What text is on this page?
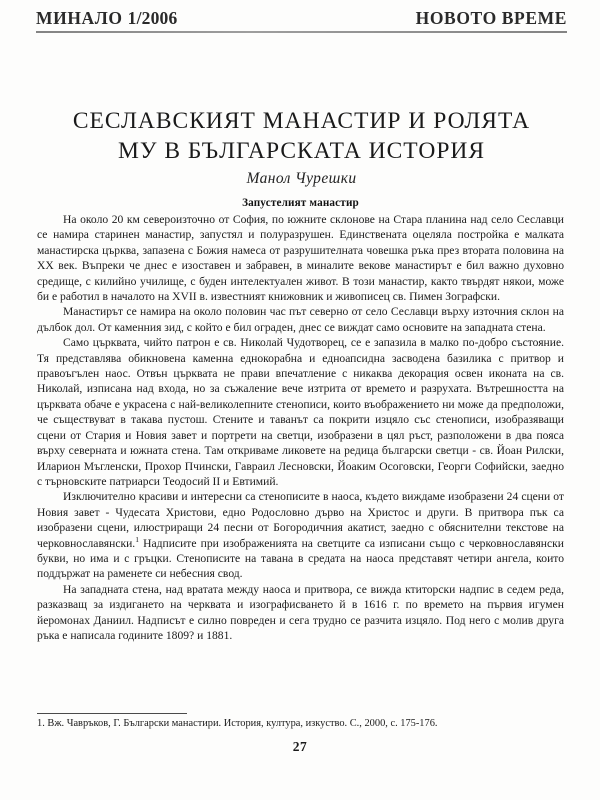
МИНАЛО 1/2006	НОВОТО ВРЕМЕ
СЕСЛАВСКИЯТ МАНАСТИР И РОЛЯТА
МУ В БЪЛГАРСКАТА ИСТОРИЯ
Манол Чурешки
Запустелият манастир

На около 20 км североизточно от София, по южните склонове на Стара планина над село Сеславци се намира старинен манастир, запустял и полуразрушен. Единствената оцеляла постройка е малката манастирска църква, запазена с Божия намеса от разрушителната човешка ръка през втората половина на XX век. Въпреки че днес е изоставен и забравен, в миналите векове манастирът е бил важно духовно средище, с килийно училище, с буден интелектуален живот. В този манастир, както твърдят някои, може би е работил в началото на XVII в. известният книжовник и живописец св. Пимен Зографски.

Манастирът се намира на около половин час път северно от село Сеславци върху източния склон на дълбок дол. От каменния зид, с който е бил ограден, днес се виждат само основите на западната стена.

Само църквата, чийто патрон е св. Николай Чудотворец, се е запазила в малко по-добро състояние. Тя представлява обикновена каменна еднокорабна и едноапсидна засводена базилика с притвор и правоъгълен наос. Отвън църквата не прави впечатление с никаква декорация освен иконата на св. Николай, изписана над входа, но за съжаление вече изтрита от времето и разрухата. Вътрешността на църквата обаче е украсена с най-великолепните стенописи, които въображението ни може да предположи, че съществуват в такава пустош. Стените и таванът са покрити изцяло със стенописи, изобразяващи сцени от Стария и Новия завет и портрети на светци, изобразени в цял ръст, разположени в два пояса върху северната и южната стена. Там откриваме ликовете на редица български светци - св. Йоан Рилски, Иларион Мъгленски, Прохор Пчински, Гавраил Лесновски, Йоаким Осоговски, Георги Софийски, заедно с търновските патриарси Теодосий II и Евтимий.

Изключително красиви и интересни са стенописите в наоса, където виждаме изобразени 24 сцени от Новия завет - Чудесата Христови, едно Родословно дърво на Христос и други. В притвора пък са изобразени сцени, илюстриращи 24 песни от Богородичния акатист, заедно с обяснителни текстове на черковнославянски.$^1$ Надписите при изображенията на светците са изписани също с черковнославянски букви, но има и с гръцки. Стенописите на тавана в средата на наоса представят четири ангела, които поддържат на раменете си небесния свод.

На западната стена, над вратата между наоса и притвора, се вижда ктиторски надпис в седем реда, разказващ за издигането на черквата и изографисването й в 1616 г. по времето на първия игумен йеромонах Даниил. Надписът е силно повреден и сега трудно се разчита изцяло. Под него с молив друга ръка е написала годините 1809? и 1881.

1. Вж. Чавръков, Г. Български манастири. История, култура, изкуство. С., 2000, с. 175-176.
27
